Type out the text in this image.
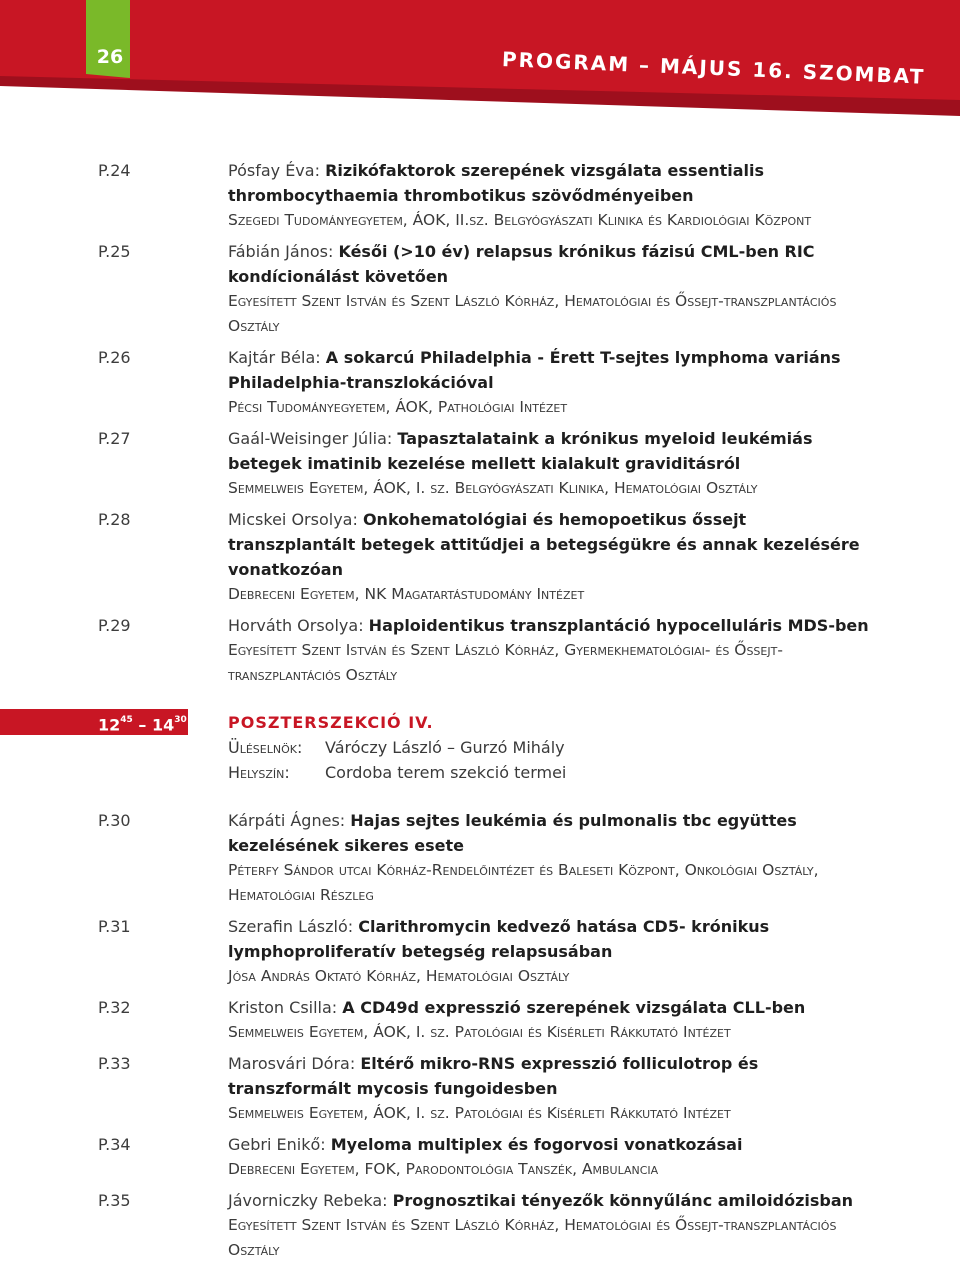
26	PROGRAM – MÁJUS 16. SZOMBAT
P.24	Pósfay Éva: Rizikófaktorok szerepének vizsgálata essentialis thrombocythaemia thrombotikus szövődményeiben
Szegedi Tudományegyetem, ÁOK, II.sz. Belgyógyászati Klinika és Kardiológiai Központ
P.25	Fábián János: Késői (>10 év) relapsus krónikus fázisú CML-ben RIC kondícionálást követően
Egyesített Szent István és Szent László Kórház, Hematológiai és Őssejt-transzplantációs Osztály
P.26	Kajtár Béla: A sokarcú Philadelphia - Érett T-sejtes lymphoma variáns Philadelphia-transzlokációval
Pécsi Tudományegyetem, ÁOK, Pathológiai Intézet
P.27	Gaál-Weisinger Júlia: Tapasztalataink a krónikus myeloid leukémiás betegek imatinib kezelése mellett kialakult graviditásról
Semmelweis Egyetem, ÁOK, I. sz. Belgyógyászati Klinika, Hematológiai Osztály
P.28	Micskei Orsolya: Onkohematológiai és hemopoetikus őssejt transzplantált betegek attitűdjei a betegségükre és annak kezelésére vonatkozóan
Debreceni Egyetem, NK Magatartástudomány Intézet
P.29	Horváth Orsolya: Haploidentikus transzplantáció hypocelluláris MDS-ben
Egyesített Szent István és Szent László Kórház, Gyermekhematológiai- és Őssejt-transzplantációs Osztály
$12^{45} - 14^{30}$	POSZTERSZEKCIÓ IV.
Üléselnök: Váróczy László – Gurzó Mihály
Helyszín: Cordoba terem szekció termei
P.30	Kárpáti Ágnes: Hajas sejtes leukémia és pulmonalis tbc együttes kezelésének sikeres esete
Péterfy Sándor utcai Kórház-Rendelőintézet és Baleseti Központ, Onkológiai Osztály, Hematológiai Részleg
P.31	Szerafin László: Clarithromycin kedvező hatása CD5- krónikus lymphoproliferatív betegség relapsusában
Jósa András Oktató Kórház, Hematológiai Osztály
P.32	Kriston Csilla: A CD49d expresszió szerepének vizsgálata CLL-ben
Semmelweis Egyetem, ÁOK, I. sz. Patológiai és Kísérleti Rákkutató Intézet
P.33	Marosvári Dóra: Eltérő mikro-RNS expresszió folliculotrop és transzformált mycosis fungoidesben
Semmelweis Egyetem, ÁOK, I. sz. Patológiai és Kísérleti Rákkutató Intézet
P.34	Gebri Enikő: Myeloma multiplex és fogorvosi vonatkozásai
Debreceni Egyetem, FOK, Parodontológia Tanszék, Ambulancia
P.35	Jávorniczky Rebeka: Prognosztikai tényezők könnyűlánc amiloidózisban
Egyesített Szent István és Szent László Kórház, Hematológiai és Őssejt-transzplantációs Osztály
